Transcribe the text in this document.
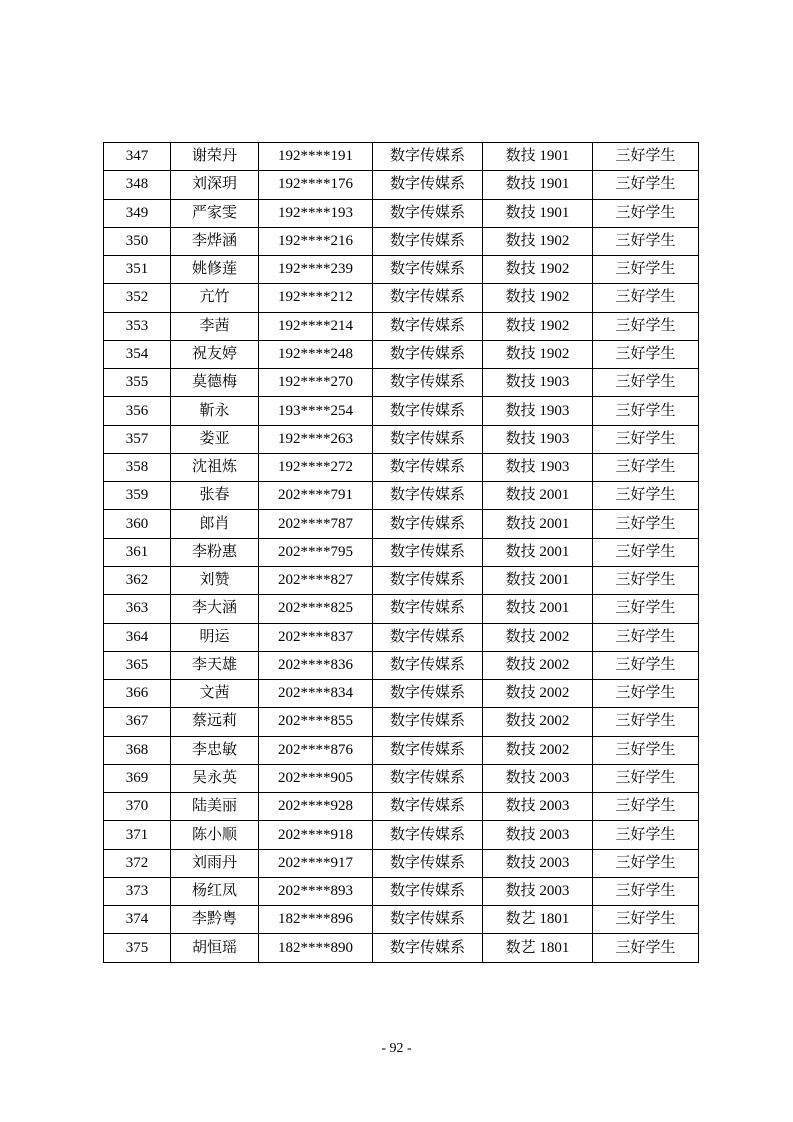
347	谢荣丹	192****191	数字传媒系	数技 1901	三好学生
348	刘深玥	192****176	数字传媒系	数技 1901	三好学生
349	严家雯	192****193	数字传媒系	数技 1901	三好学生
350	李烨涵	192****216	数字传媒系	数技 1902	三好学生
351	姚修莲	192****239	数字传媒系	数技 1902	三好学生
352	亢竹	192****212	数字传媒系	数技 1902	三好学生
353	李茜	192****214	数字传媒系	数技 1902	三好学生
354	祝友婷	192****248	数字传媒系	数技 1902	三好学生
355	莫德梅	192****270	数字传媒系	数技 1903	三好学生
356	靳永	193****254	数字传媒系	数技 1903	三好学生
357	娄亚	192****263	数字传媒系	数技 1903	三好学生
358	沈祖炼	192****272	数字传媒系	数技 1903	三好学生
359	张春	202****791	数字传媒系	数技 2001	三好学生
360	郎肖	202****787	数字传媒系	数技 2001	三好学生
361	李粉惠	202****795	数字传媒系	数技 2001	三好学生
362	刘赞	202****827	数字传媒系	数技 2001	三好学生
363	李大涵	202****825	数字传媒系	数技 2001	三好学生
364	明运	202****837	数字传媒系	数技 2002	三好学生
365	李天雄	202****836	数字传媒系	数技 2002	三好学生
366	文茜	202****834	数字传媒系	数技 2002	三好学生
367	蔡远莉	202****855	数字传媒系	数技 2002	三好学生
368	李忠敏	202****876	数字传媒系	数技 2002	三好学生
369	吴永英	202****905	数字传媒系	数技 2003	三好学生
370	陆美丽	202****928	数字传媒系	数技 2003	三好学生
371	陈小顺	202****918	数字传媒系	数技 2003	三好学生
372	刘雨丹	202****917	数字传媒系	数技 2003	三好学生
373	杨红凤	202****893	数字传媒系	数技 2003	三好学生
374	李黔粤	182****896	数字传媒系	数艺 1801	三好学生
375	胡恒瑶	182****890	数字传媒系	数艺 1801	三好学生
- 92 -
